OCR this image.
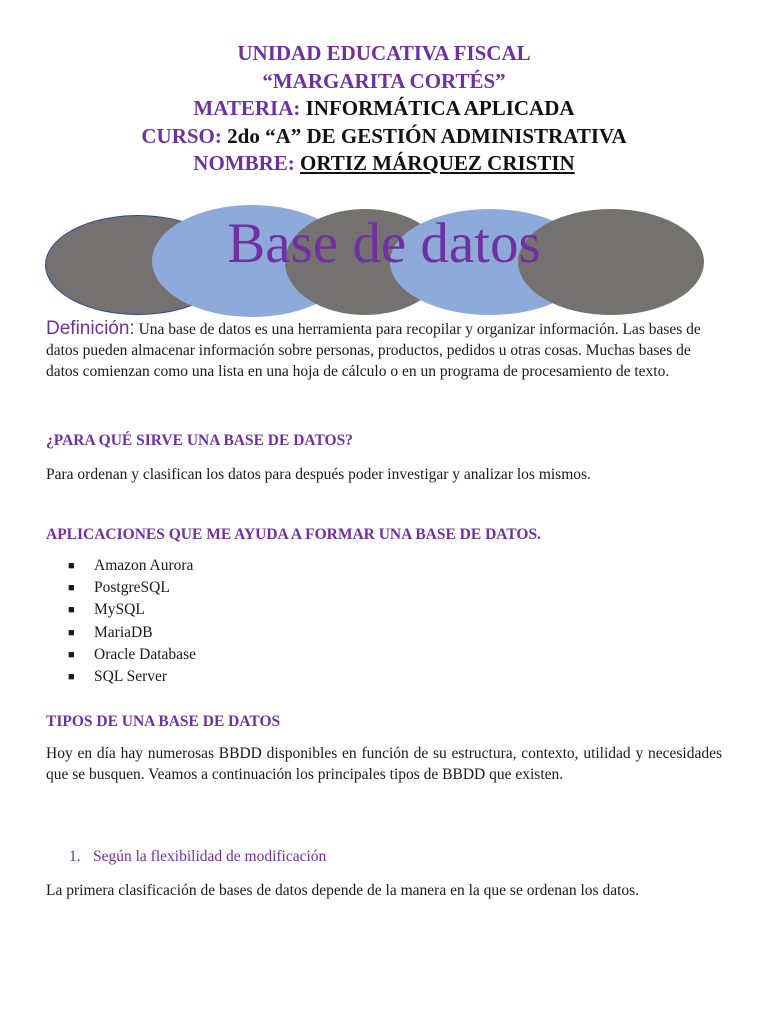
UNIDAD EDUCATIVA FISCAL
“MARGARITA CORTÉS”
MATERIA: INFORMÁTICA APLICADA
CURSO: 2do “A” DE GESTIÓN ADMINISTRATIVA
NOMBRE: ORTIZ MÁRQUEZ CRISTIN
Base de datos
Definición: Una base de datos es una herramienta para recopilar y organizar información. Las bases de datos pueden almacenar información sobre personas, productos, pedidos u otras cosas. Muchas bases de datos comienzan como una lista en una hoja de cálculo o en un programa de procesamiento de texto.
¿PARA QUÉ SIRVE UNA BASE DE DATOS?
Para ordenan y clasifican los datos para después poder investigar y analizar los mismos.
APLICACIONES QUE ME AYUDA A FORMAR UNA BASE DE DATOS.
■ Amazon Aurora
■ PostgreSQL
■ MySQL
■ MariaDB
■ Oracle Database
■ SQL Server
TIPOS DE UNA BASE DE DATOS
Hoy en día hay numerosas BBDD disponibles en función de su estructura, contexto, utilidad y necesidades que se busquen. Veamos a continuación los principales tipos de BBDD que existen.
1. Según la flexibilidad de modificación
La primera clasificación de bases de datos depende de la manera en la que se ordenan los datos.
